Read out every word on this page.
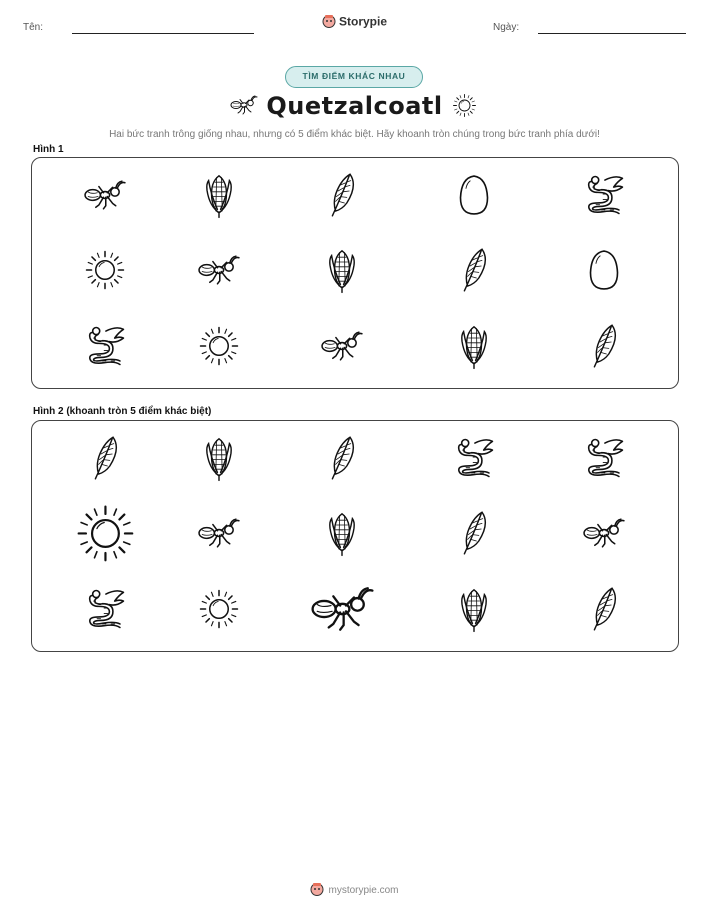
Tên:	Storypie	Ngày:
TÌM ĐIỂM KHÁC NHAU
Quetzalcoatl
Hai bức tranh trông giống nhau, nhưng có 5 điểm khác biệt. Hãy khoanh tròn chúng trong bức tranh phía dưới!
Hình 1
Hình 2 (khoanh tròn 5 điểm khác biệt)
mystorypie.com
